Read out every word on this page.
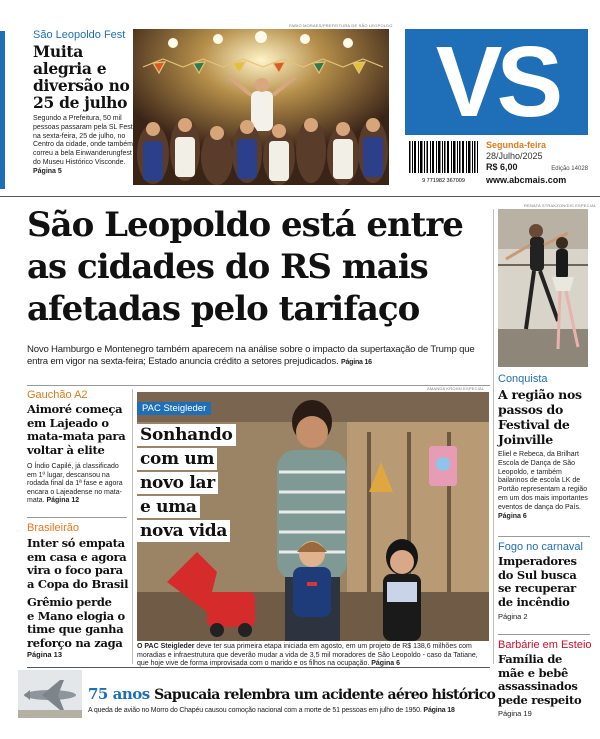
São Leopoldo Fest
Muita
alegria e
diversão no
25 de julho
Segundo a Prefeitura, 50 mil pessoas passaram pela SL Fest na sexta-feira, 25 de julho, no Centro da cidade, onde também correu a bela Einwanderungfest do Museu Histórico Visconde. Página 5
FABIO MORAES/PREFEITURA DE SÃO LEOPOLDO
VS
9 771982 367009
Segunda-feira
28/Julho/2025
R$ 6,00	Edição 14028
www.abcmais.com
São Leopoldo está entre
as cidades do RS mais
afetadas pelo tarifaço
Novo Hamburgo e Montenegro também aparecem na análise sobre o impacto da supertaxação de Trump que entra em vigor na sexta-feira; Estado anuncia crédito a setores prejudicados. Página 16
RENATA STRAKZON/DIS ESPECIAL
Conquista
A região nos
passos do
Festival de
Joinville
Eliel e Rebeca, da Brilhart Escola de Dança de São Leopoldo, e também bailarinos de escola LK de Portão representam a região em um dos mais importantes eventos de dança do País. Página 6
Gauchão A2
Aimoré começa
em Lajeado o
mata-mata para
voltar à elite
O Índio Capilé, já classificado em 1º lugar, descansou na rodada final da 1ª fase e agora encara o Lajeadense no mata-mata. Página 12
Brasileirão
Inter só empata
em casa e agora
vira o foco para
a Copa do Brasil
Grêmio perde
e Mano elogia o
time que ganha
reforço na zaga
Página 13
AMANDA KROHN ESPECIAL
PAC Steigleder
Sonhando
com um
novo lar
e uma
nova vida
O PAC Steigleder deve ter sua primeira etapa iniciada em agosto, em um projeto de R$ 138,6 milhões com moradias e infraestrutura que deverão mudar a vida de 3,5 mil moradores de São Leopoldo - caso da Tatiane, que hoje vive de forma improvisada com o marido e os filhos na ocupação. Página 6
Fogo no carnaval
Imperadores
do Sul busca
se recuperar
de incêndio
Página 2
Barbárie em Esteio
Família de
mãe e bebê
assassinados
pede respeito
Página 19
75 anos Sapucaia relembra um acidente aéreo histórico
A queda de avião no Morro do Chapéu causou comoção nacional com a morte de 51 pessoas em julho de 1950. Página 18
